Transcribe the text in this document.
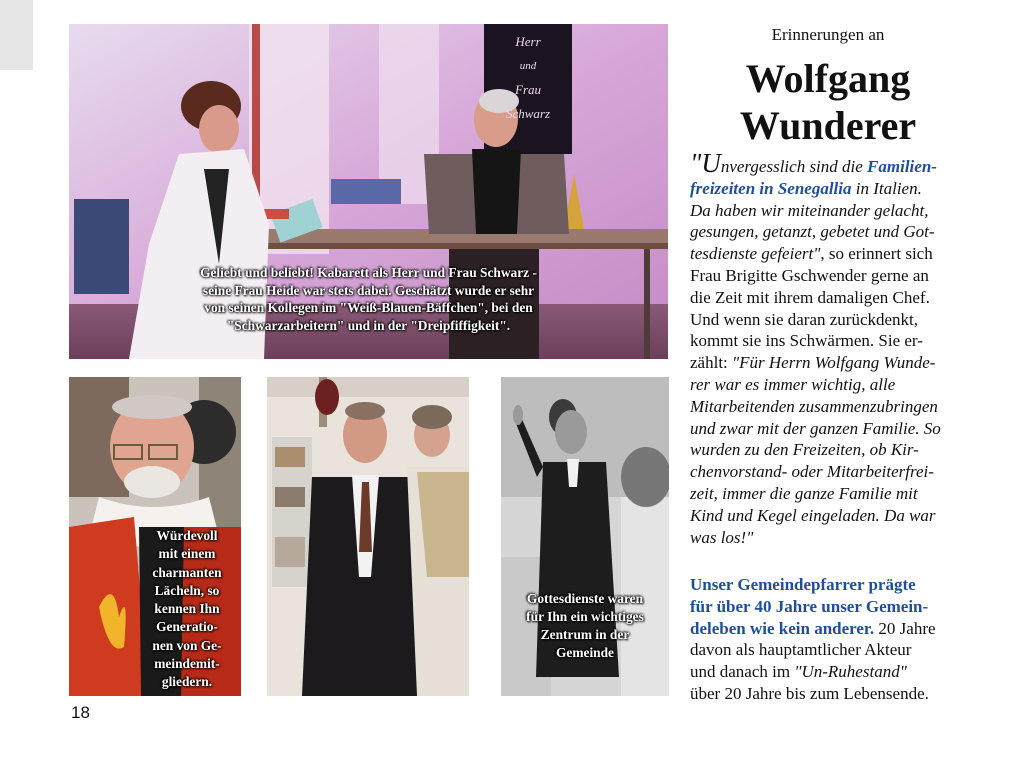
Herr
und
Frau
Schwarz
Geliebt und beliebt! Kabarett als Herr und Frau Schwarz -
seine Frau Heide war stets dabei. Geschätzt wurde er sehr
von seinen Kollegen im "Weiß-Blauen-Bäffchen", bei den
"Schwarzarbeitern" und in der "Dreipfiffigkeit".
Würdevoll
mit einem
charmanten
Lächeln, so
kennen Ihn
Generatio-
nen von Ge-
meindemit-
gliedern.
Gottesdienste waren
für Ihn ein wichtiges
Zentrum in der
Gemeinde
Erinnerungen an
Wolfgang
Wunderer
"Unvergesslich sind die Familien-
freizeiten in Senegallia in Italien.
Da haben wir miteinander gelacht,
gesungen, getanzt, gebetet und Got-
tesdienste gefeiert", so erinnert sich
Frau Brigitte Gschwender gerne an
die Zeit mit ihrem damaligen Chef.
Und wenn sie daran zurückdenkt,
kommt sie ins Schwärmen. Sie er-
zählt: "Für Herrn Wolfgang Wunde-
rer war es immer wichtig, alle
Mitarbeitenden zusammenzubringen
und zwar mit der ganzen Familie. So
wurden zu den Freizeiten, ob Kir-
chenvorstand- oder Mitarbeiterfrei-
zeit, immer die ganze Familie mit
Kind und Kegel eingeladen. Da war
was los!"
Unser Gemeindepfarrer prägte
für über 40 Jahre unser Gemein-
deleben wie kein anderer. 20 Jahre
davon als hauptamtlicher Akteur
und danach im "Un-Ruhestand"
über 20 Jahre bis zum Lebensende.
18
